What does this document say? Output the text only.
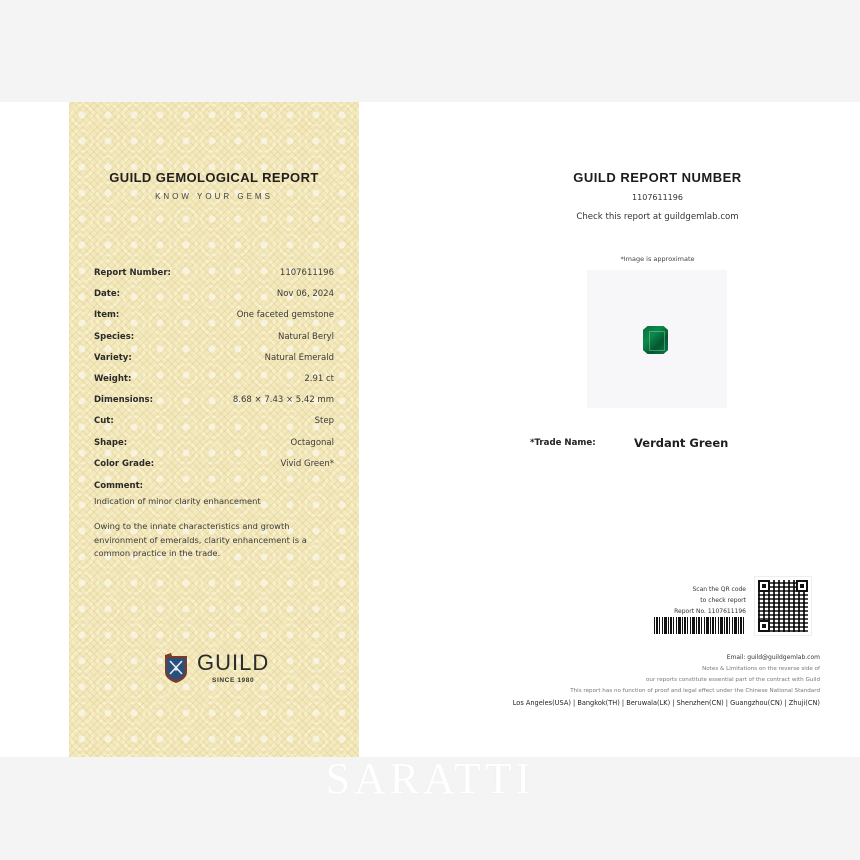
GUILD GEMOLOGICAL REPORT
KNOW YOUR GEMS
Report Number:	1107611196
Date:	Nov 06, 2024
Item:	One faceted gemstone
Species:	Natural Beryl
Variety:	Natural Emerald
Weight:	2.91 ct
Dimensions:	8.68 × 7.43 × 5.42 mm
Cut:	Step
Shape:	Octagonal
Color Grade:	Vivid Green*
Comment:
Indication of minor clarity enhancement
Owing to the innate characteristics and growth environment of emeralds, clarity enhancement is a common practice in the trade.
GUILD
SINCE 1980
GUILD REPORT NUMBER
1107611196
Check this report at guildgemlab.com
*Image is approximate
*Trade Name:	Verdant Green
Scan the QR code
to check report
Report No. 1107611196
Email: guild@guildgemlab.com
Notes & Limitations on the reverse side of
our reports constitute essential part of the contract with Guild
This report has no function of proof and legal effect under the Chinese National Standard
Los Angeles(USA) | Bangkok(TH) | Beruwala(LK) | Shenzhen(CN) | Guangzhou(CN) | Zhuji(CN)
SARATTI
